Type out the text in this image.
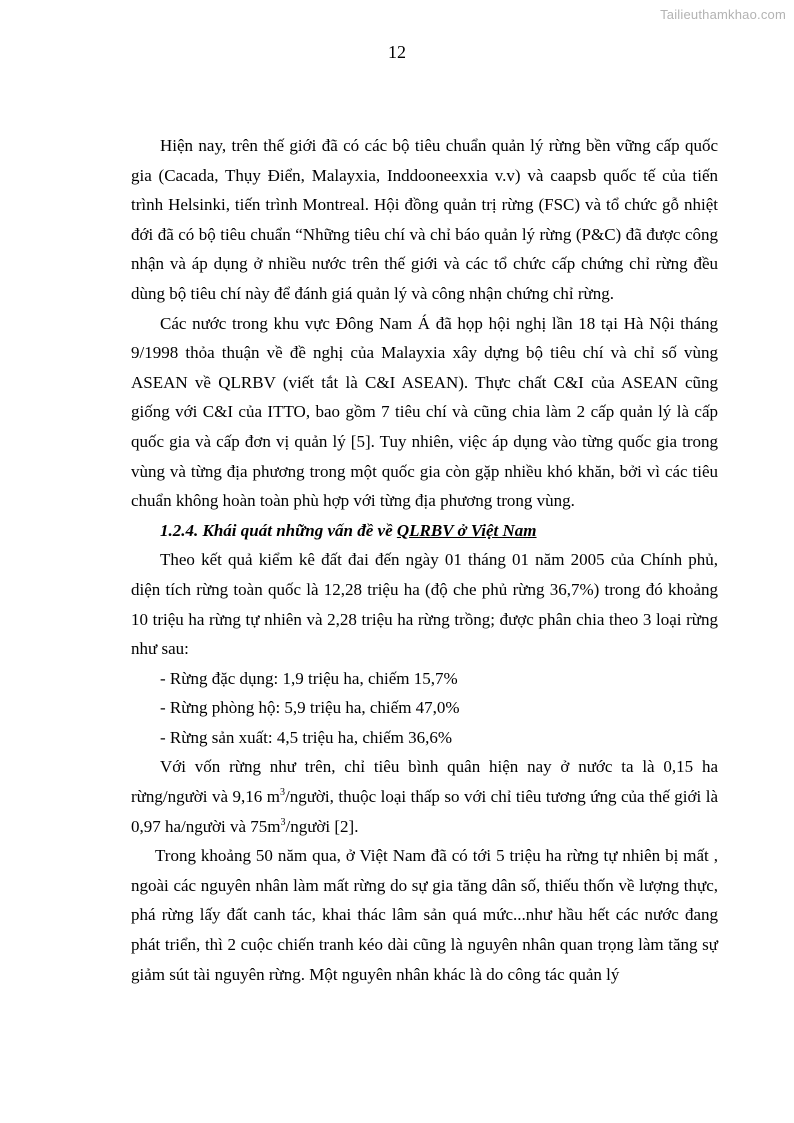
Tailieuthamkhao.com
12

Hiện nay, trên thế giới đã có các bộ tiêu chuẩn quản lý rừng bền vững cấp quốc gia (Cacada, Thụy Điển, Malayxia, Inddooneexxia v.v) và caapsb quốc tế của tiến trình Helsinki, tiến trình Montreal. Hội đồng quản trị rừng (FSC) và tổ chức gỗ nhiệt đới đã có bộ tiêu chuẩn “Những tiêu chí và chỉ báo quản lý rừng (P&C) đã được công nhận và áp dụng ở nhiều nước trên thế giới và các tổ chức cấp chứng chỉ rừng đều dùng bộ tiêu chí này để đánh giá quản lý và công nhận chứng chỉ rừng.

Các nước trong khu vực Đông Nam Á đã họp hội nghị lần 18 tại Hà Nội tháng 9/1998 thỏa thuận về đề nghị của Malayxia xây dựng bộ tiêu chí và chỉ số vùng ASEAN về QLRBV (viết tắt là C&I ASEAN). Thực chất C&I của ASEAN cũng giống với C&I của ITTO, bao gồm 7 tiêu chí và cũng chia làm 2 cấp quản lý là cấp quốc gia và cấp đơn vị quản lý [5]. Tuy nhiên, việc áp dụng vào từng quốc gia trong vùng và từng địa phương trong một quốc gia còn gặp nhiều khó khăn, bởi vì các tiêu chuẩn không hoàn toàn phù hợp với từng địa phương trong vùng.

1.2.4. Khái quát những vấn đề về QLRBV ở Việt Nam

Theo kết quả kiểm kê đất đai đến ngày 01 tháng 01 năm 2005 của Chính phủ, diện tích rừng toàn quốc là 12,28 triệu ha (độ che phủ rừng 36,7%) trong đó khoảng 10 triệu ha rừng tự nhiên và 2,28 triệu ha rừng trồng; được phân chia theo 3 loại rừng như sau:

- Rừng đặc dụng: 1,9 triệu ha, chiếm 15,7%

- Rừng phòng hộ: 5,9 triệu ha, chiếm 47,0%

- Rừng sản xuất: 4,5 triệu ha, chiếm 36,6%

Với vốn rừng như trên, chỉ tiêu bình quân hiện nay ở nước ta là 0,15 ha rừng/người và 9,16 $m^3$/người, thuộc loại thấp so với chỉ tiêu tương ứng của thế giới là 0,97 ha/người và $75m^3$/người [2].

Trong khoảng 50 năm qua, ở Việt Nam đã có tới 5 triệu ha rừng tự nhiên bị mất , ngoài các nguyên nhân làm mất rừng do sự gia tăng dân số, thiếu thốn về lượng thực, phá rừng lấy đất canh tác, khai thác lâm sản quá mức...như hầu hết các nước đang phát triển, thì 2 cuộc chiến tranh kéo dài cũng là nguyên nhân quan trọng làm tăng sự giảm sút tài nguyên rừng. Một nguyên nhân khác là do công tác quản lý
